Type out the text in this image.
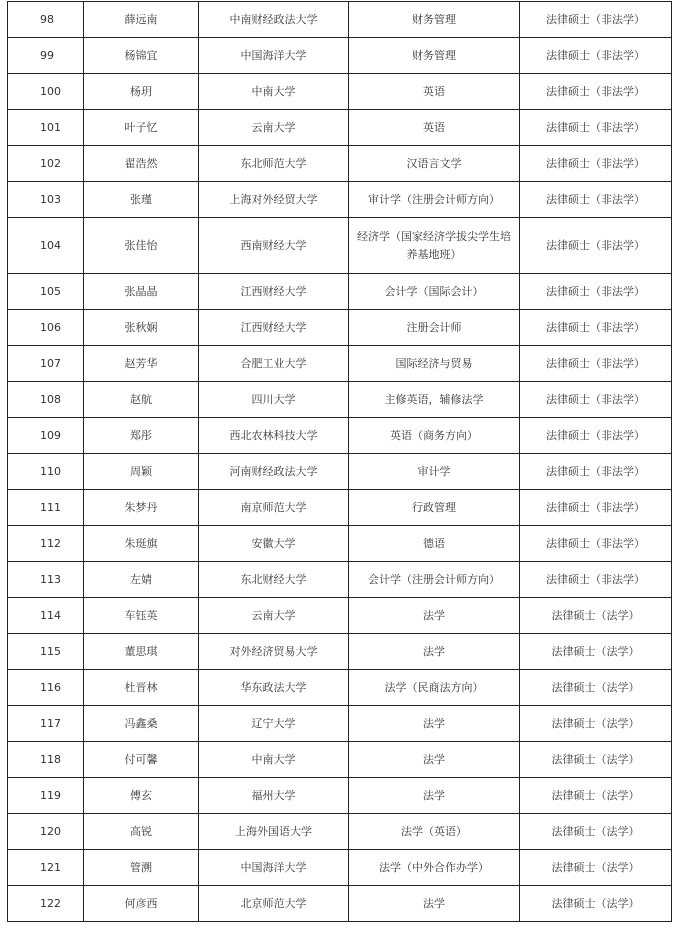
98	薛远南	中南财经政法大学	财务管理	法律硕士（非法学）
99	杨锦宜	中国海洋大学	财务管理	法律硕士（非法学）
100	杨玥	中南大学	英语	法律硕士（非法学）
101	叶子忆	云南大学	英语	法律硕士（非法学）
102	翟浩然	东北师范大学	汉语言文学	法律硕士（非法学）
103	张瑾	上海对外经贸大学	审计学（注册会计师方向）	法律硕士（非法学）
104	张佳怡	西南财经大学	经济学（国家经济学拔尖学生培养基地班）	法律硕士（非法学）
105	张晶晶	江西财经大学	会计学（国际会计）	法律硕士（非法学）
106	张秋娴	江西财经大学	注册会计师	法律硕士（非法学）
107	赵芳华	合肥工业大学	国际经济与贸易	法律硕士（非法学）
108	赵航	四川大学	主修英语，辅修法学	法律硕士（非法学）
109	郑彤	西北农林科技大学	英语（商务方向）	法律硕士（非法学）
110	周颖	河南财经政法大学	审计学	法律硕士（非法学）
111	朱梦丹	南京师范大学	行政管理	法律硕士（非法学）
112	朱珽旗	安徽大学	德语	法律硕士（非法学）
113	左婧	东北财经大学	会计学（注册会计师方向）	法律硕士（非法学）
114	车钰英	云南大学	法学	法律硕士（法学）
115	董思琪	对外经济贸易大学	法学	法律硕士（法学）
116	杜晋林	华东政法大学	法学（民商法方向）	法律硕士（法学）
117	冯鑫桑	辽宁大学	法学	法律硕士（法学）
118	付可馨	中南大学	法学	法律硕士（法学）
119	傅玄	福州大学	法学	法律硕士（法学）
120	高锐	上海外国语大学	法学（英语）	法律硕士（法学）
121	管溯	中国海洋大学	法学（中外合作办学）	法律硕士（法学）
122	何彦西	北京师范大学	法学	法律硕士（法学）
